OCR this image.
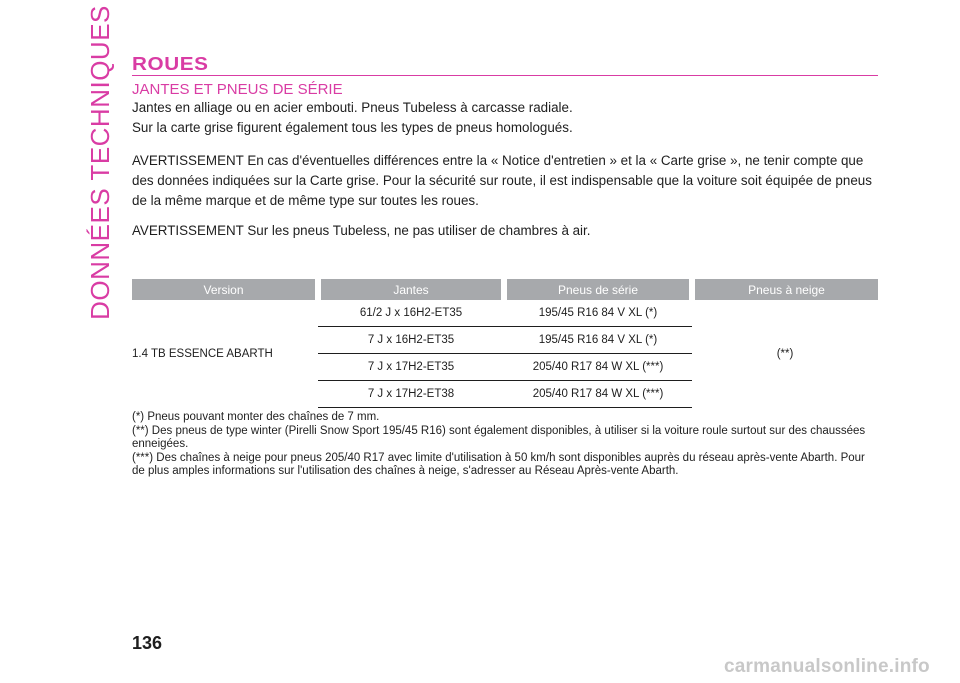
DONNÉES TECHNIQUES ROUES
JANTES ET PNEUS DE SÉRIE
Jantes en alliage ou en acier embouti. Pneus Tubeless à carcasse radiale.
Sur la carte grise figurent également tous les types de pneus homologués.
AVERTISSEMENT En cas d'éventuelles différences entre la « Notice d'entretien » et la « Carte grise », ne tenir compte que des données indiquées sur la Carte grise. Pour la sécurité sur route, il est indispensable que la voiture soit équipée de pneus de la même marque et de même type sur toutes les roues.
AVERTISSEMENT Sur les pneus Tubeless, ne pas utiliser de chambres à air.
Version	Jantes	Pneus de série	Pneus à neige
1.4 TB ESSENCE ABARTH	61/2 J x 16H2-ET35	195/45 R16 84 V XL (*)	(**)
	7 J x 16H2-ET35	195/45 R16 84 V XL (*)	
	7 J x 17H2-ET35	205/40 R17 84 W XL (***)	
	7 J x 17H2-ET38	205/40 R17 84 W XL (***)	
(*) Pneus pouvant monter des chaînes de 7 mm.
(**) Des pneus de type winter (Pirelli Snow Sport 195/45 R16) sont également disponibles, à utiliser si la voiture roule surtout sur des chaussées enneigées.
(***) Des chaînes à neige pour pneus 205/40 R17 avec limite d'utilisation à 50 km/h sont disponibles auprès du réseau après-vente Abarth. Pour de plus amples informations sur l'utilisation des chaînes à neige, s'adresser au Réseau Après-vente Abarth.
136
carmanualsonline.info
